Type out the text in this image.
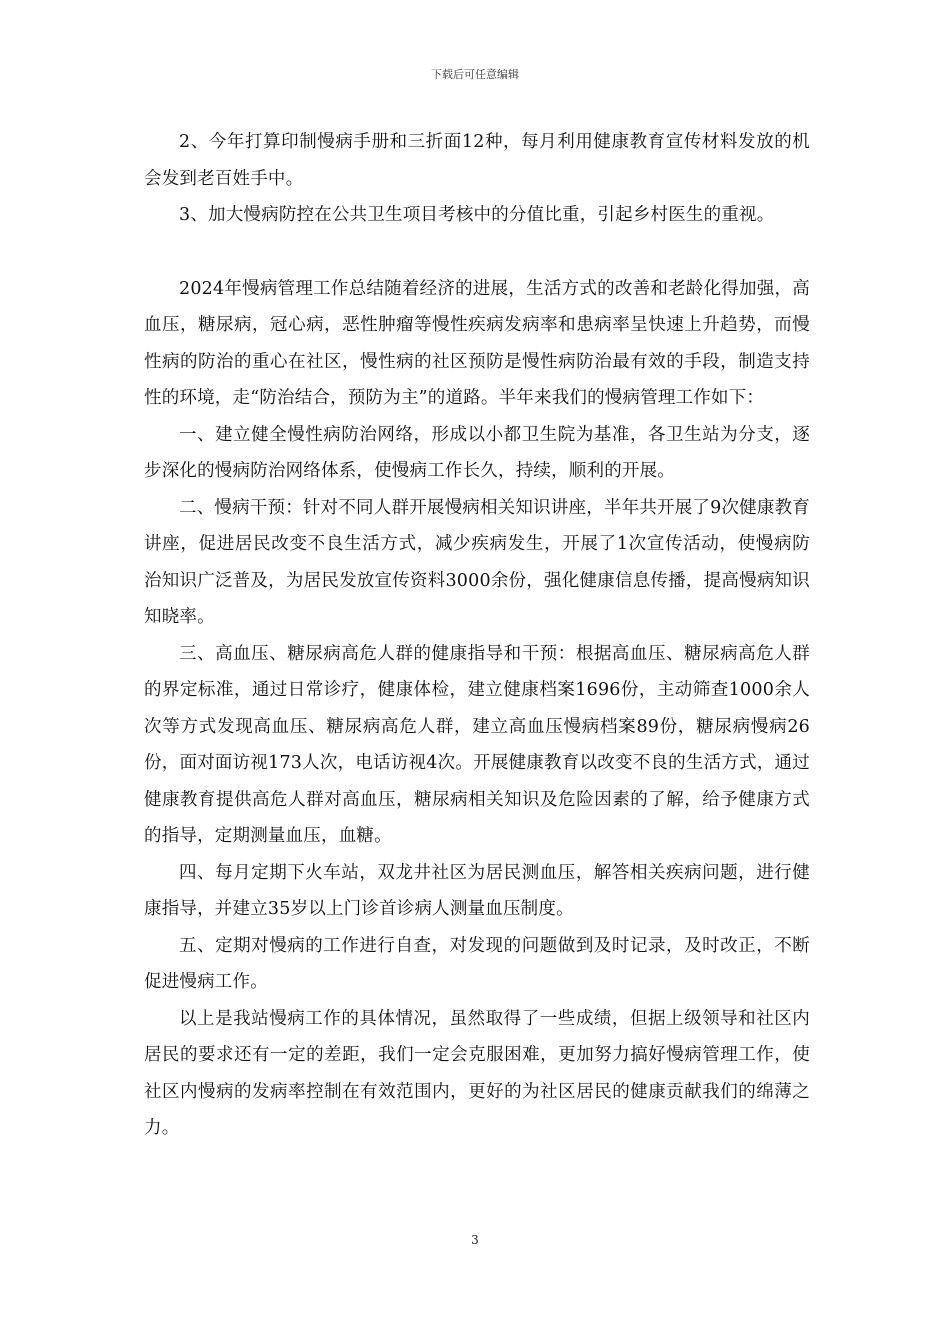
下载后可任意编辑

2、今年打算印制慢病手册和三折面12种，每月利用健康教育宣传材料发放的机会发到老百姓手中。

3、加大慢病防控在公共卫生项目考核中的分值比重，引起乡村医生的重视。

2024年慢病管理工作总结随着经济的进展，生活方式的改善和老龄化得加强，高血压，糖尿病，冠心病，恶性肿瘤等慢性疾病发病率和患病率呈快速上升趋势，而慢性病的防治的重心在社区，慢性病的社区预防是慢性病防治最有效的手段，制造支持性的环境，走“防治结合，预防为主”的道路。半年来我们的慢病管理工作如下：

一、建立健全慢性病防治网络，形成以小都卫生院为基准，各卫生站为分支，逐步深化的慢病防治网络体系，使慢病工作长久，持续，顺利的开展。

二、慢病干预：针对不同人群开展慢病相关知识讲座，半年共开展了9次健康教育讲座，促进居民改变不良生活方式，减少疾病发生，开展了1次宣传活动，使慢病防治知识广泛普及，为居民发放宣传资料3000余份，强化健康信息传播，提高慢病知识知晓率。

三、高血压、糖尿病高危人群的健康指导和干预：根据高血压、糖尿病高危人群的界定标准，通过日常诊疗，健康体检，建立健康档案1696份，主动筛查1000余人次等方式发现高血压、糖尿病高危人群，建立高血压慢病档案89份，糖尿病慢病26份，面对面访视173人次，电话访视4次。开展健康教育以改变不良的生活方式，通过健康教育提供高危人群对高血压，糖尿病相关知识及危险因素的了解，给予健康方式的指导，定期测量血压，血糖。

四、每月定期下火车站，双龙井社区为居民测血压，解答相关疾病问题，进行健康指导，并建立35岁以上门诊首诊病人测量血压制度。

五、定期对慢病的工作进行自查，对发现的问题做到及时记录，及时改正，不断促进慢病工作。

以上是我站慢病工作的具体情况，虽然取得了一些成绩，但据上级领导和社区内居民的要求还有一定的差距，我们一定会克服困难，更加努力搞好慢病管理工作，使社区内慢病的发病率控制在有效范围内，更好的为社区居民的健康贡献我们的绵薄之力。

3
